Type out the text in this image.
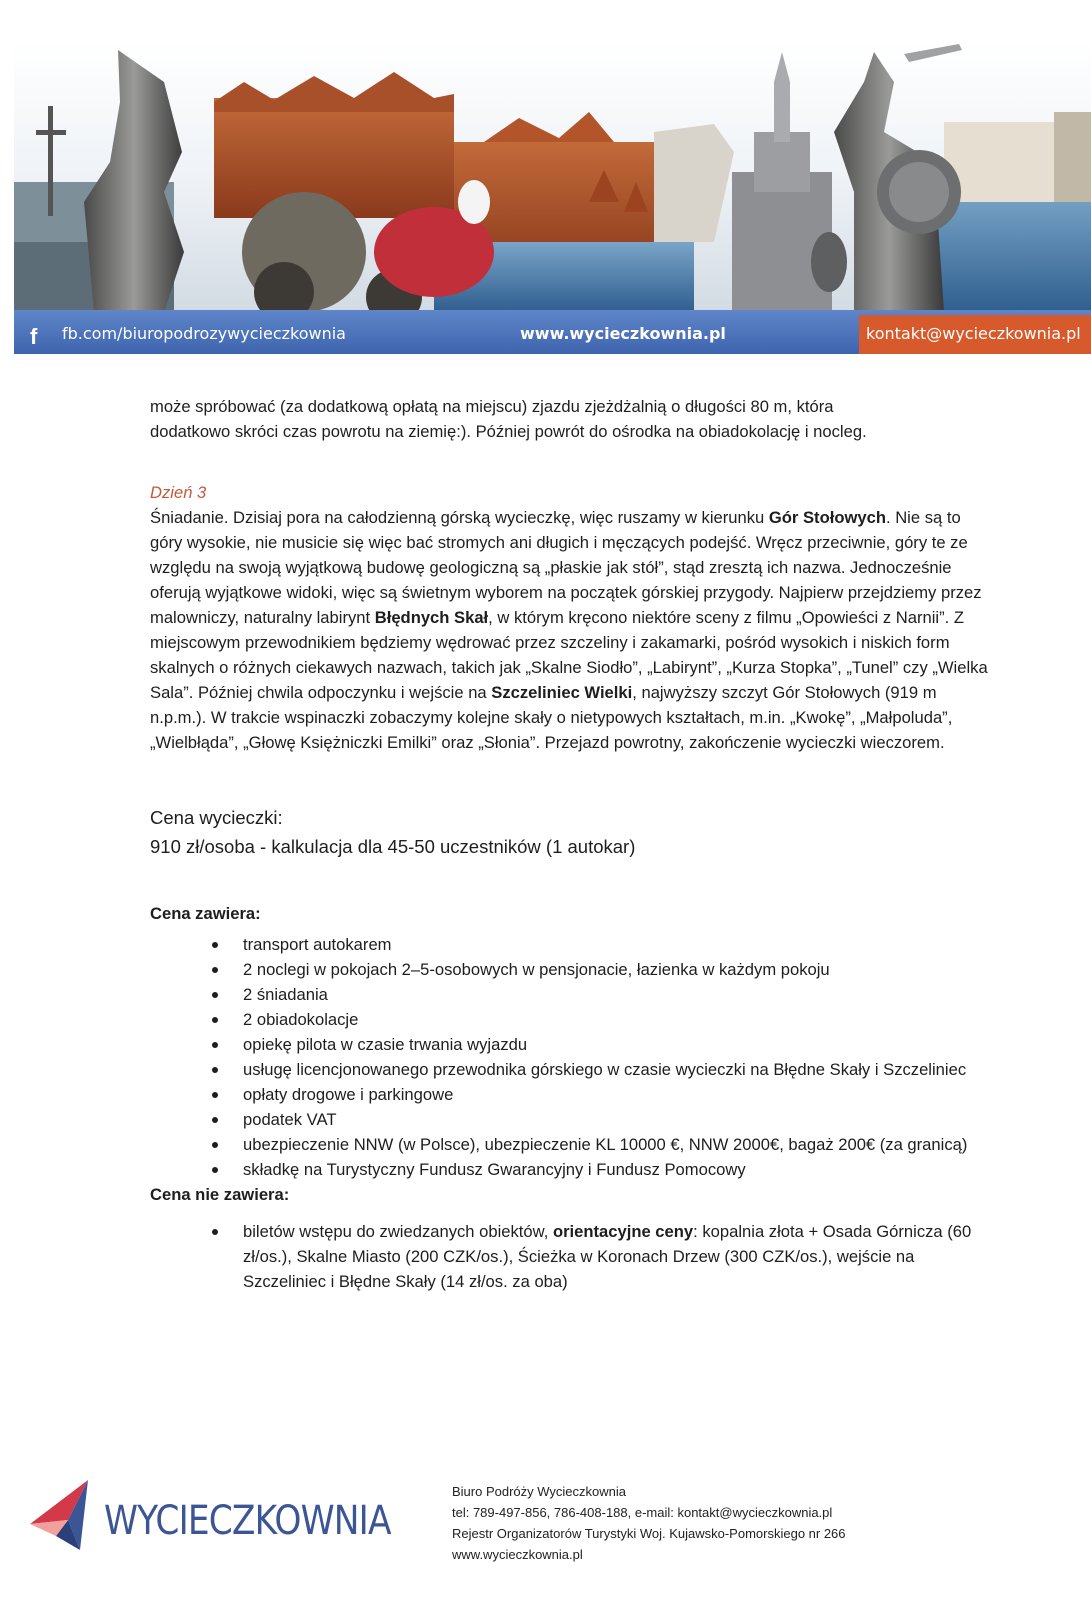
f	fb.com/biuropodrozywycieczkownia	www.wycieczkownia.pl	kontakt@wycieczkownia.pl

może spróbować (za dodatkową opłatą na miejscu) zjazdu zjeżdżalnią o długości 80 m, która
dodatkowo skróci czas powrotu na ziemię:). Później powrót do ośrodka na obiadokolację i nocleg.

Dzień 3

Śniadanie. Dzisiaj pora na całodzienną górską wycieczkę, więc ruszamy w kierunku Gór Stołowych. Nie są to góry wysokie, nie musicie się więc bać stromych ani długich i męczących podejść. Wręcz przeciwnie, góry te ze względu na swoją wyjątkową budowę geologiczną są „płaskie jak stół”, stąd zresztą ich nazwa. Jednocześnie oferują wyjątkowe widoki, więc są świetnym wyborem na początek górskiej przygody. Najpierw przejdziemy przez malowniczy, naturalny labirynt Błędnych Skał, w którym kręcono niektóre sceny z filmu „Opowieści z Narnii”. Z miejscowym przewodnikiem będziemy wędrować przez szczeliny i zakamarki, pośród wysokich i niskich form skalnych o różnych ciekawych nazwach, takich jak „Skalne Siodło”, „Labirynt”, „Kurza Stopka”, „Tunel” czy „Wielka Sala”. Później chwila odpoczynku i wejście na Szczeliniec Wielki, najwyższy szczyt Gór Stołowych (919 m n.p.m.). W trakcie wspinaczki zobaczymy kolejne skały o nietypowych kształtach, m.in. „Kwokę”, „Małpoluda”, „Wielbłąda”, „Głowę Księżniczki Emilki” oraz „Słonia”. Przejazd powrotny, zakończenie wycieczki wieczorem.

Cena wycieczki:

910 zł/osoba - kalkulacja dla 45-50 uczestników (1 autokar)

Cena zawiera:

transport autokarem
2 noclegi w pokojach 2–5-osobowych w pensjonacie, łazienka w każdym pokoju
2 śniadania
2 obiadokolacje
opiekę pilota w czasie trwania wyjazdu
usługę licencjonowanego przewodnika górskiego w czasie wycieczki na Błędne Skały i Szczeliniec
opłaty drogowe i parkingowe
podatek VAT
ubezpieczenie NNW (w Polsce), ubezpieczenie KL 10000 €, NNW 2000€, bagaż 200€ (za granicą)
składkę na Turystyczny Fundusz Gwarancyjny i Fundusz Pomocowy

Cena nie zawiera:

biletów wstępu do zwiedzanych obiektów, orientacyjne ceny: kopalnia złota + Osada Górnicza (60 zł/os.), Skalne Miasto (200 CZK/os.), Ścieżka w Koronach Drzew (300 CZK/os.), wejście na Szczeliniec i Błędne Skały (14 zł/os. za oba)
WYCIECZKOWNIA
Biuro Podróży Wycieczkownia
tel: 789-497-856, 786-408-188, e-mail: kontakt@wycieczkownia.pl
Rejestr Organizatorów Turystyki Woj. Kujawsko-Pomorskiego nr 266
www.wycieczkownia.pl
